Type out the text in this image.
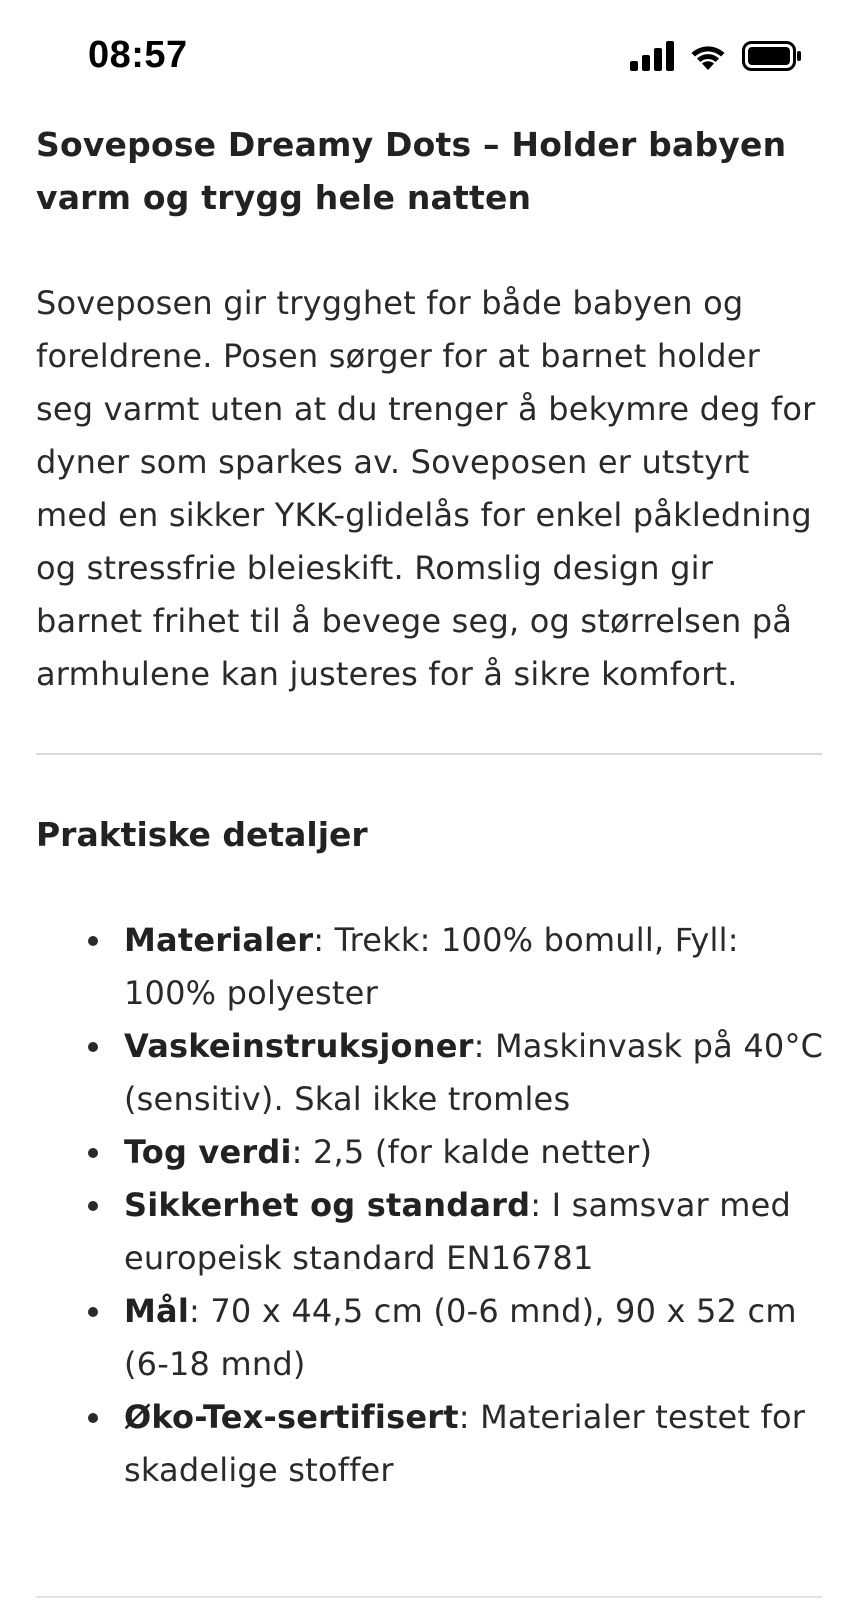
08:57
Sovepose Dreamy Dots – Holder babyen varm og trygg hele natten

Soveposen gir trygghet for både babyen og foreldrene. Posen sørger for at barnet holder seg varmt uten at du trenger å bekymre deg for dyner som sparkes av. Soveposen er utstyrt med en sikker YKK-glidelås for enkel påkledning og stressfrie bleieskift. Romslig design gir barnet frihet til å bevege seg, og størrelsen på armhulene kan justeres for å sikre komfort.

Praktiske detaljer
Materialer: Trekk: 100% bomull, Fyll: 100% polyester
Vaskeinstruksjoner: Maskinvask på 40°C (sensitiv). Skal ikke tromles
Tog verdi: 2,5 (for kalde netter)
Sikkerhet og standard: I samsvar med europeisk standard EN16781
Mål: 70 x 44,5 cm (0-6 mnd), 90 x 52 cm (6-18 mnd)
Øko-Tex-sertifisert: Materialer testet for skadelige stoffer
